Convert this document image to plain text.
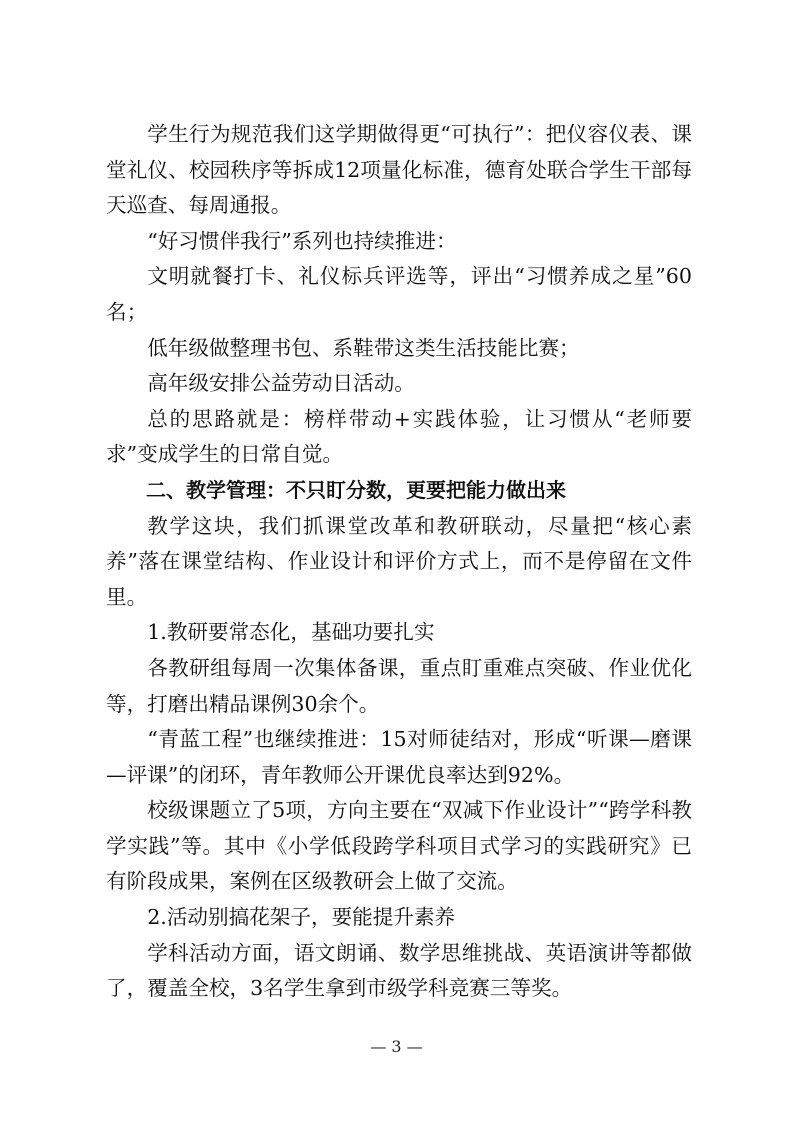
学生行为规范我们这学期做得更“可执行”：把仪容仪表、课堂礼仪、校园秩序等拆成12项量化标准，德育处联合学生干部每天巡查、每周通报。

“好习惯伴我行”系列也持续推进：

文明就餐打卡、礼仪标兵评选等，评出“习惯养成之星”60名；

低年级做整理书包、系鞋带这类生活技能比赛；

高年级安排公益劳动日活动。

总的思路就是：榜样带动+实践体验，让习惯从“老师要求”变成学生的日常自觉。

二、教学管理：不只盯分数，更要把能力做出来

教学这块，我们抓课堂改革和教研联动，尽量把“核心素养”落在课堂结构、作业设计和评价方式上，而不是停留在文件里。

1.教研要常态化，基础功要扎实

各教研组每周一次集体备课，重点盯重难点突破、作业优化等，打磨出精品课例30余个。

“青蓝工程”也继续推进：15对师徒结对，形成“听课—磨课—评课”的闭环，青年教师公开课优良率达到92%。

校级课题立了5项，方向主要在“双减下作业设计”“跨学科教学实践”等。其中《小学低段跨学科项目式学习的实践研究》已有阶段成果，案例在区级教研会上做了交流。

2.活动别搞花架子，要能提升素养

学科活动方面，语文朗诵、数学思维挑战、英语演讲等都做了，覆盖全校，3名学生拿到市级学科竞赛三等奖。

— 3 —
